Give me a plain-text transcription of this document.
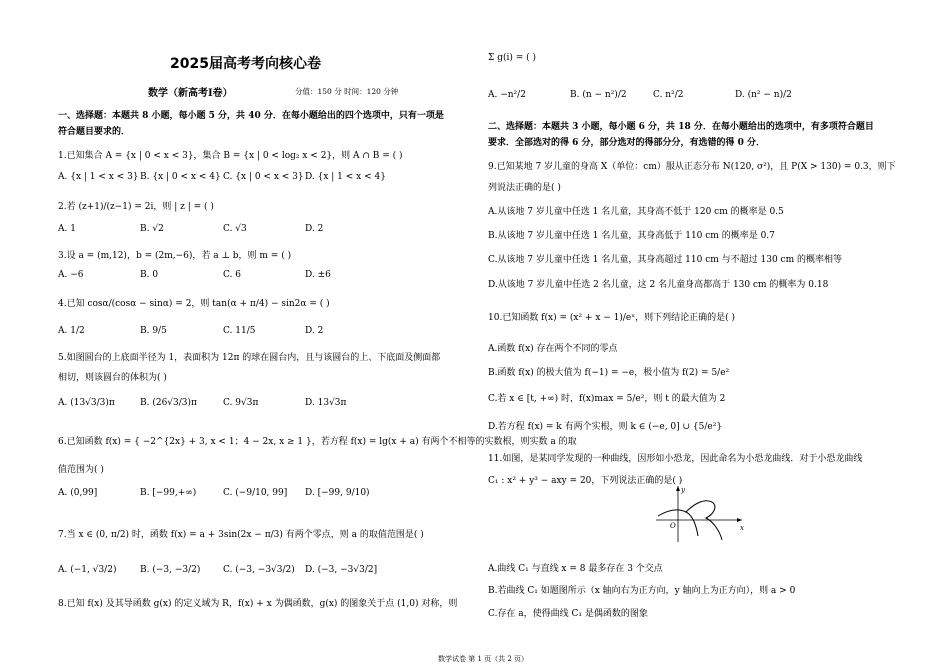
2025届高考考向核心卷
数学（新高考Ⅰ卷）	分值：150 分 时间：120 分钟
一、选择题：本题共 8 小题，每小题 5 分，共 40 分．在每小题给出的四个选项中，只有一项是
符合题目要求的．
1.已知集合 A = {x | 0 < x < 3}，集合 B = {x | 0 < log₂ x < 2}，则 A ∩ B = ( )
A. {x | 1 < x < 3} B. {x | 0 < x < 4} C. {x | 0 < x < 3} D. {x | 1 < x < 4}
2.若 (z+1)/(z−1) = 2i，则 | z | = ( )
A. 1	B. √2	C. √3	D. 2
3.设 a = (m,12)，b = (2m,−6)，若 a ⊥ b，则 m = ( )
A. −6	B. 0	C. 6	D. ±6
4.已知 cosα/(cosα − sinα) = 2，则 tan(α + π/4) − sin2α = ( )
A. 1/2	B. 9/5	C. 11/5	D. 2
5.如图圆台的上底面半径为 1，表面积为 12π 的球在圆台内，且与该圆台的上、下底面及侧面都
相切，则该圆台的体积为( )
A. (13√3/3)π	B. (26√3/3)π	C. 9√3π	D. 13√3π
6.已知函数 f(x) = { −2^{2x} + 3, x < 1；4 − 2x, x ≥ 1 }，若方程 f(x) = lg(x + a) 有两个不相等的实数根，则实数 a 的取
值范围为( )
A. (0,99]	B. [−99,+∞)	C. (−9/10, 99] D. [−99, 9/10)
7.当 x ∈ (0, π/2) 时，函数 f(x) = a + 3sin(2x − π/3) 有两个零点，则 a 的取值范围是( )
A. (−1, √3/2)	B. (−3, −3/2)	C. (−3, −3√3/2) D. (−3, −3√3/2]
8.已知 f(x) 及其导函数 g(x) 的定义域为 R，f(x) + x 为偶函数，g(x) 的图象关于点 (1,0) 对称，则
Σ g(i) = ( )
A. −n²/2	B. (n − n²)/2	C. n²/2	D. (n² − n)/2
二、选择题：本题共 3 小题，每小题 6 分，共 18 分．在每小题给出的选项中，有多项符合题目
要求．全部选对的得 6 分，部分选对的得部分分，有选错的得 0 分．
9.已知某地 7 岁儿童的身高 X（单位：cm）服从正态分布 N(120, σ²)，且 P(X > 130) = 0.3，则下
列说法正确的是( )
A.从该地 7 岁儿童中任选 1 名儿童，其身高不低于 120 cm 的概率是 0.5
B.从该地 7 岁儿童中任选 1 名儿童，其身高低于 110 cm 的概率是 0.7
C.从该地 7 岁儿童中任选 1 名儿童，其身高超过 110 cm 与不超过 130 cm 的概率相等
D.从该地 7 岁儿童中任选 2 名儿童，这 2 名儿童身高都高于 130 cm 的概率为 0.18
10.已知函数 f(x) = (x² + x − 1)/eˣ，则下列结论正确的是( )
A.函数 f(x) 存在两个不同的零点
B.函数 f(x) 的极大值为 f(−1) = −e，极小值为 f(2) = 5/e²
C.若 x ∈ [t, +∞) 时，f(x)max = 5/e²，则 t 的最大值为 2
D.若方程 f(x) = k 有两个实根，则 k ∈ (−e, 0] ∪ {5/e²}
11.如图，是某同学发现的一种曲线，因形如小恐龙，因此命名为小恐龙曲线．对于小恐龙曲线
C₁ : x² + y³ − axy = 20，下列说法正确的是( )
x
y
O
A.曲线 C₁ 与直线 x = 8 最多存在 3 个交点
B.若曲线 C₁ 如题图所示（x 轴向右为正方向，y 轴向上为正方向），则 a > 0
C.存在 a，使得曲线 C₁ 是偶函数的图象
数学试卷 第 1 页（共 2 页）
